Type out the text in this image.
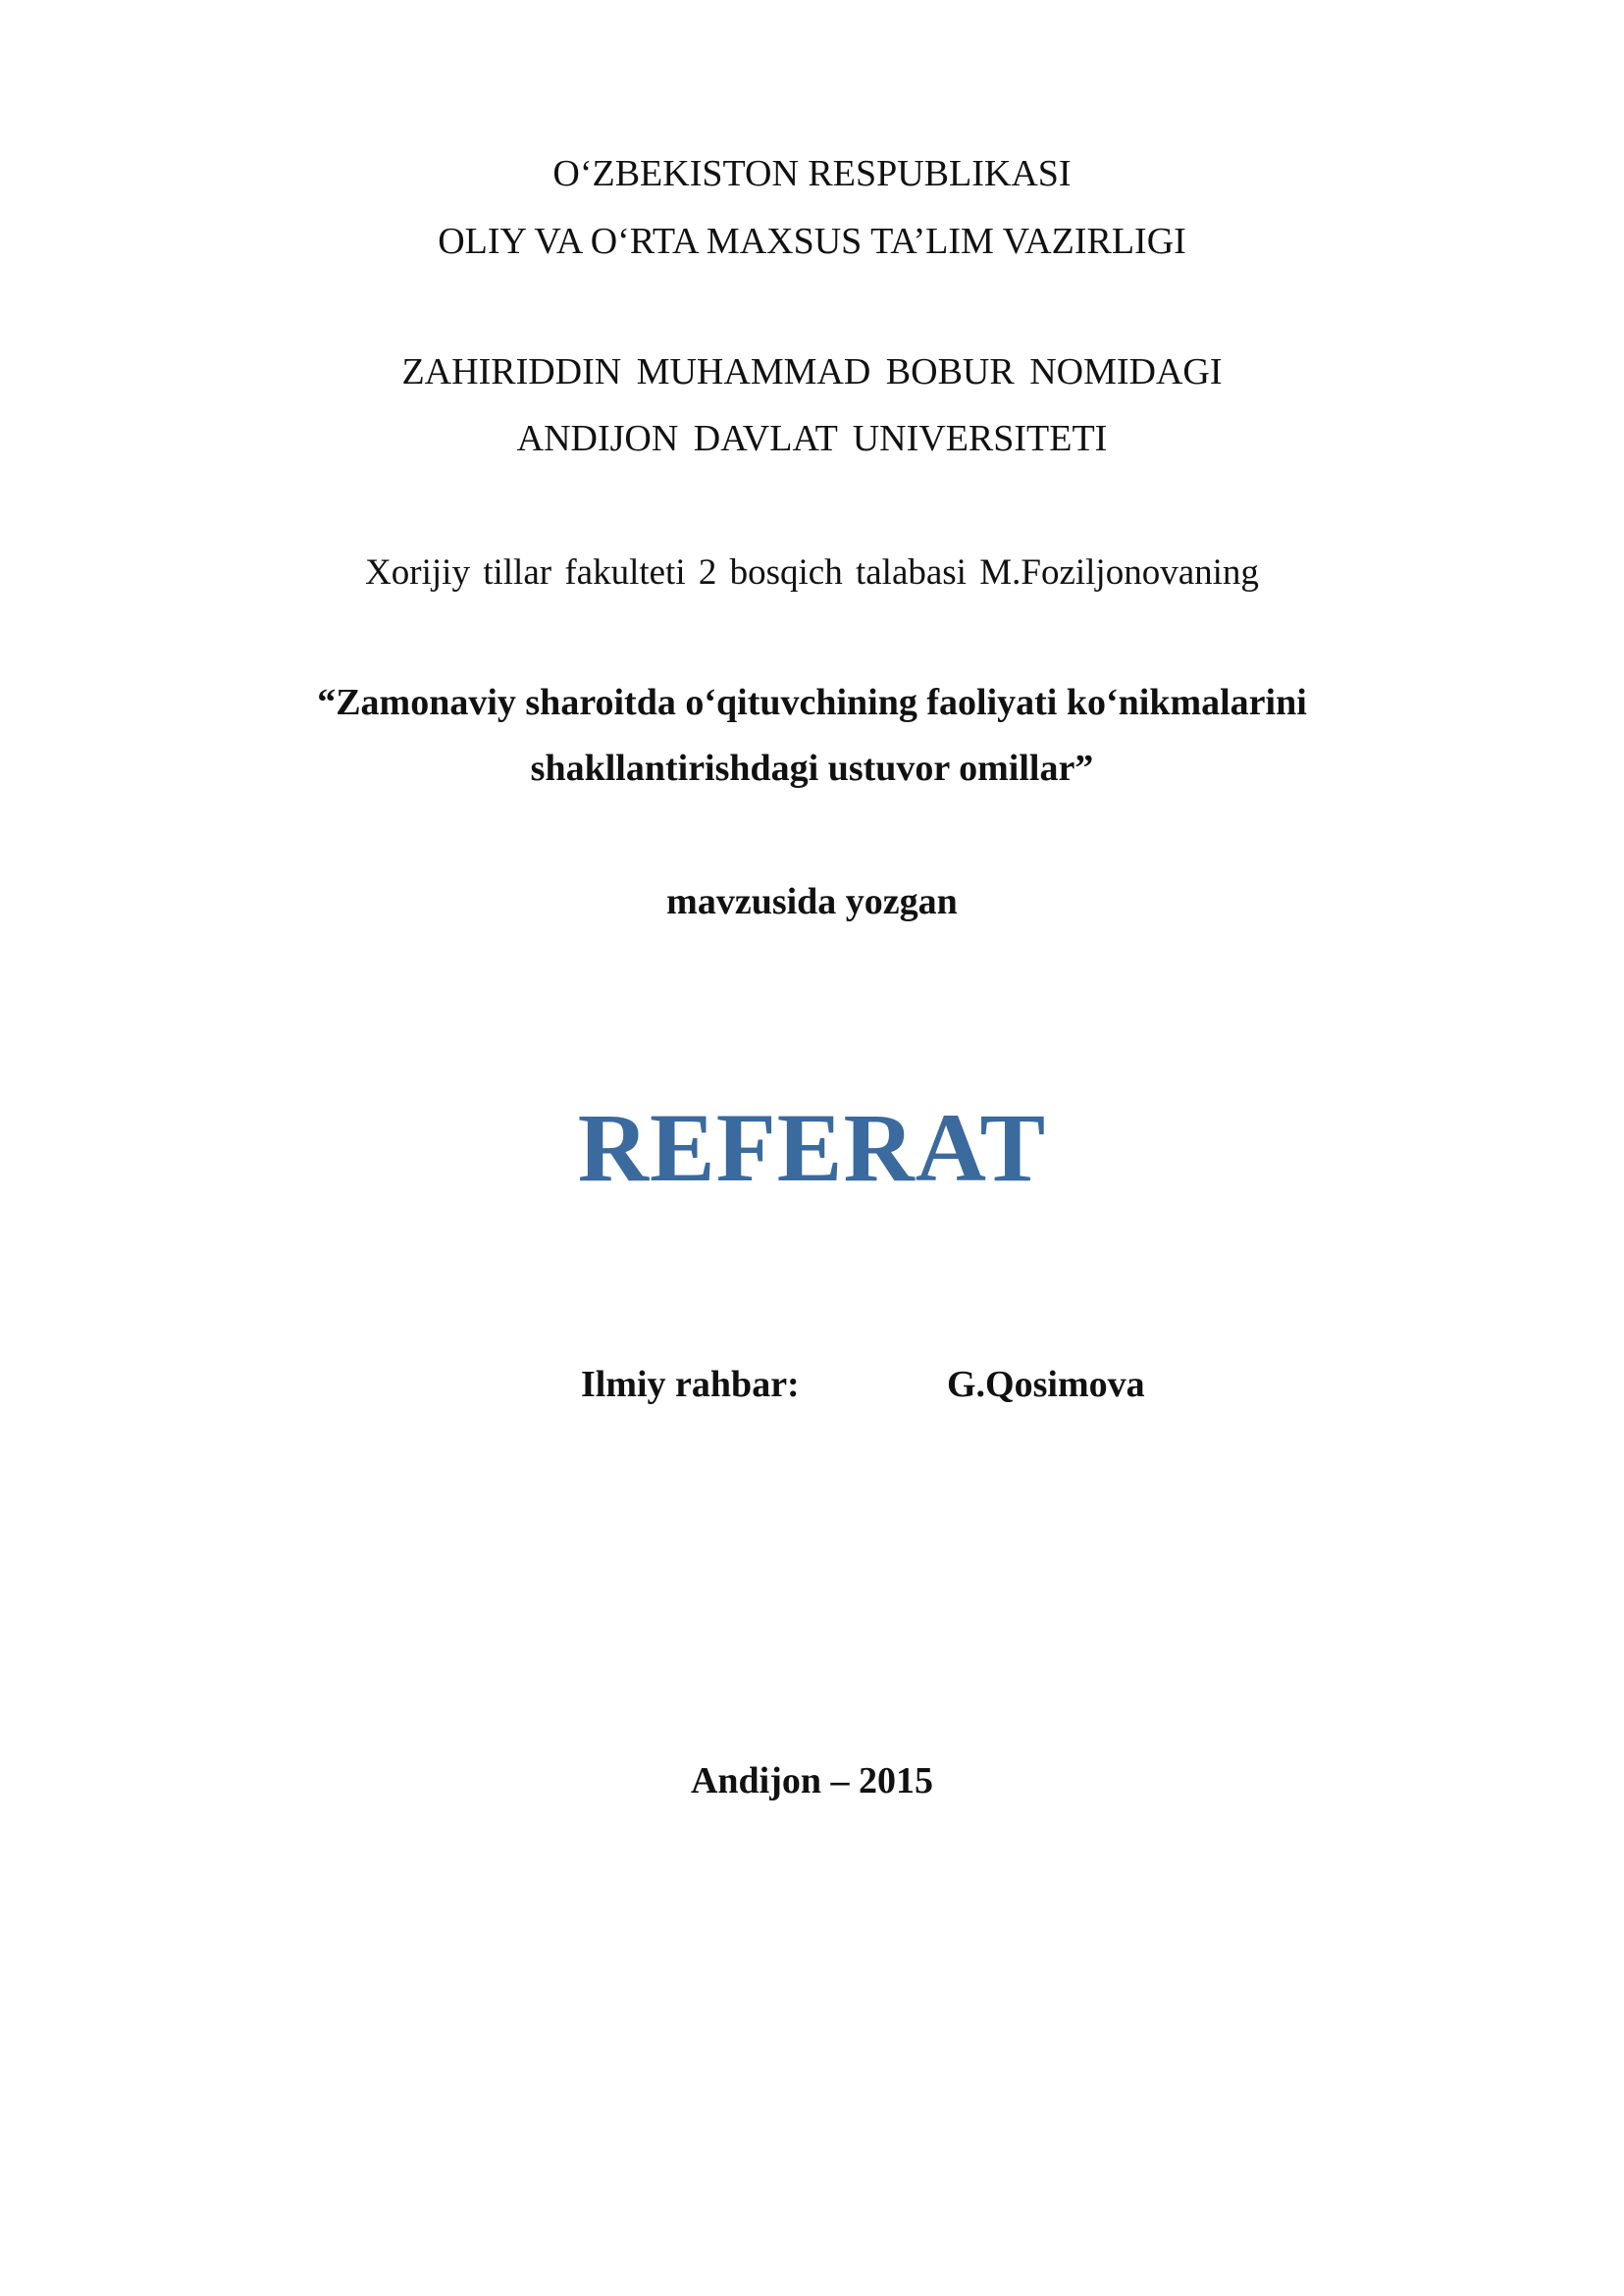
O‘ZBEKISTON RESPUBLIKASI
OLIY VA O‘RTA MAXSUS TA’LIM VAZIRLIGI
ZAHIRIDDIN MUHAMMAD BOBUR NOMIDAGI
ANDIJON DAVLAT UNIVERSITETI
Xorijiy tillar fakulteti 2 bosqich talabasi M.Foziljonovaning
“Zamonaviy sharoitda o‘qituvchining faoliyati ko‘nikmalarini
shakllantirishdagi ustuvor omillar”
mavzusida yozgan
REFERAT
Ilmiy rahbar:	G.Qosimova
Andijon – 2015
